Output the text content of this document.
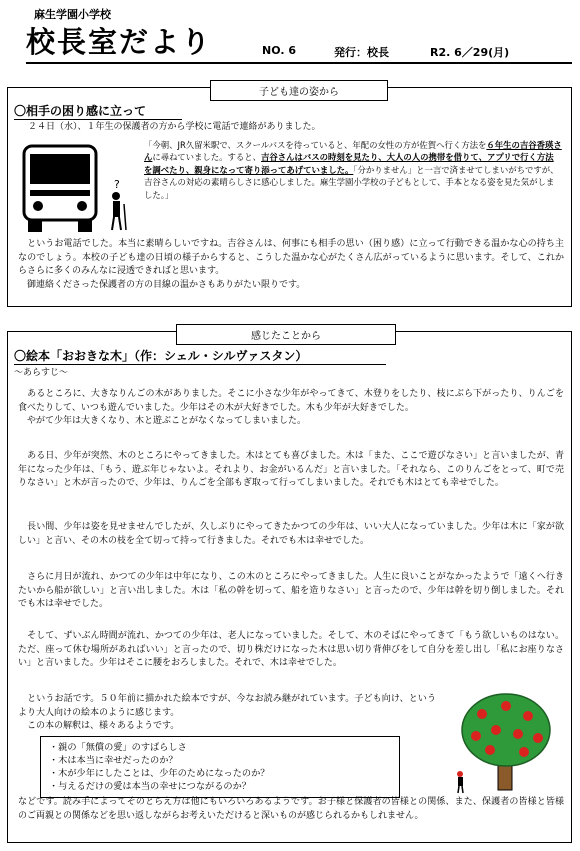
麻生学園小学校
校長室だより	NO. 6	発行：校長	R2. 6／29(月)
子ども達の姿から
〇相手の困り感に立って
２４日（水）、１年生の保護者の方から学校に電話で連絡がありました。
?
「今朝、JR久留米駅で、スクールバスを待っていると、年配の女性の方が佐賀へ行く方法を６年生の吉谷香瑛さんに尋ねていました。すると、吉谷さんはバスの時刻を見たり、大人の人の携帯を借りて、アプリで行く方法を調べたり、親身になって寄り添ってあげていました。「分かりません」と一言で済ませてしまいがちですが、吉谷さんの対応の素晴らしさに感心しました。麻生学園小学校の子どもとして、手本となる姿を見た気がしました。」
　というお電話でした。本当に素晴らしいですね。吉谷さんは、何事にも相手の思い（困り感）に立って行動できる温かな心の持ち主なのでしょう。本校の子ども達の日頃の様子からすると、こうした温かな心がたくさん広がっているように思います。そして、これからさらに多くのみんなに浸透できればと思います。
　御連絡くださった保護者の方の目線の温かさもありがたい限りです。
感じたことから
〇絵本「おおきな木」（作：シェル・シルヴァスタン）
～あらすじ～
　あるところに、大きなりんごの木がありました。そこに小さな少年がやってきて、木登りをしたり、枝にぶら下がったり、りんごを食べたりして、いつも遊んでいました。少年はその木が大好きでした。木も少年が大好きでした。
　やがて少年は大きくなり、木と遊ぶことがなくなってしまいました。
　ある日、少年が突然、木のところにやってきました。木はとても喜びました。木は「また、ここで遊びなさい」と言いましたが、青年になった少年は、「もう、遊ぶ年じゃないよ。それより、お金がいるんだ」と言いました。「それなら、このりんごをとって、町で売りなさい」と木が言ったので、少年は、りんごを全部もぎ取って行ってしまいました。それでも木はとても幸せでした。
　長い間、少年は姿を見せませんでしたが、久しぶりにやってきたかつての少年は、いい大人になっていました。少年は木に「家が欲しい」と言い、その木の枝を全て切って持って行きました。それでも木は幸せでした。
　さらに月日が流れ、かつての少年は中年になり、この木のところにやってきました。人生に良いことがなかったようで「遠くへ行きたいから船が欲しい」と言い出しました。木は「私の幹を切って、船を造りなさい」と言ったので、少年は幹を切り倒しました。それでも木は幸せでした。
　そして、ずいぶん時間が流れ、かつての少年は、老人になっていました。そして、木のそばにやってきて「もう欲しいものはない。ただ、座って休む場所があればいい」と言ったので、切り株だけになった木は思い切り背伸びをして自分を差し出し「私にお座りなさい」と言いました。少年はそこに腰をおろしました。それで、木は幸せでした。
　というお話です。５０年前に描かれた絵本ですが、今なお読み継がれています。子ども向け、というより大人向けの絵本のように感じます。
　この本の解釈は、様々あるようです。
・親の「無償の愛」のすばらしさ
・木は本当に幸せだったのか？
・木が少年にしたことは、少年のためになったのか？
・与えるだけの愛は本当の幸せにつながるのか？
などです。読み手によってそのとらえ方は他にもいろいろあるようです。お子様と保護者の皆様との関係、また、保護者の皆様と皆様のご両親との関係などを思い返しながらお考えいただけると深いものが感じられるかもしれません。
